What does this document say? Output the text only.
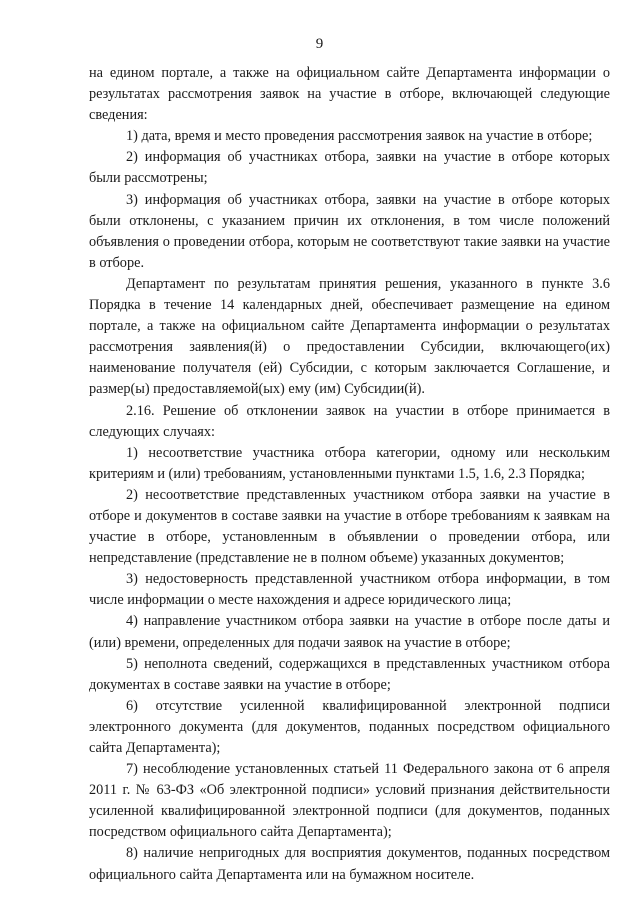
9

на едином портале, а также на официальном сайте Департамента информации о результатах рассмотрения заявок на участие в отборе, включающей следующие сведения:

1) дата, время и место проведения рассмотрения заявок на участие в отборе;

2) информация об участниках отбора, заявки на участие в отборе которых были рассмотрены;

3) информация об участниках отбора, заявки на участие в отборе которых были отклонены, с указанием причин их отклонения, в том числе положений объявления о проведении отбора, которым не соответствуют такие заявки на участие в отборе.

Департамент по результатам принятия решения, указанного в пункте 3.6 Порядка в течение 14 календарных дней, обеспечивает размещение на едином портале, а также на официальном сайте Департамента информации о результатах рассмотрения заявления(й) о предоставлении Субсидии, включающего(их) наименование получателя (ей) Субсидии, с которым заключается Соглашение, и размер(ы) предоставляемой(ых) ему (им) Субсидии(й).

2.16. Решение об отклонении заявок на участии в отборе принимается в следующих случаях:

1) несоответствие участника отбора категории, одному или нескольким критериям и (или) требованиям, установленными пунктами 1.5, 1.6, 2.3 Порядка;

2) несоответствие представленных участником отбора заявки на участие в отборе и документов в составе заявки на участие в отборе требованиям к заявкам на участие в отборе, установленным в объявлении о проведении отбора, или непредставление (представление не в полном объеме) указанных документов;

3) недостоверность представленной участником отбора информации, в том числе информации о месте нахождения и адресе юридического лица;

4) направление участником отбора заявки на участие в отборе после даты и (или) времени, определенных для подачи заявок на участие в отборе;

5) неполнота сведений, содержащихся в представленных участником отбора документах в составе заявки на участие в отборе;

6) отсутствие усиленной квалифицированной электронной подписи электронного документа (для документов, поданных посредством официального сайта Департамента);

7) несоблюдение установленных статьей 11 Федерального закона от 6 апреля 2011 г. № 63-ФЗ «Об электронной подписи» условий признания действительности усиленной квалифицированной электронной подписи (для документов, поданных посредством официального сайта Департамента);

8) наличие непригодных для восприятия документов, поданных посредством официального сайта Департамента или на бумажном носителе.
